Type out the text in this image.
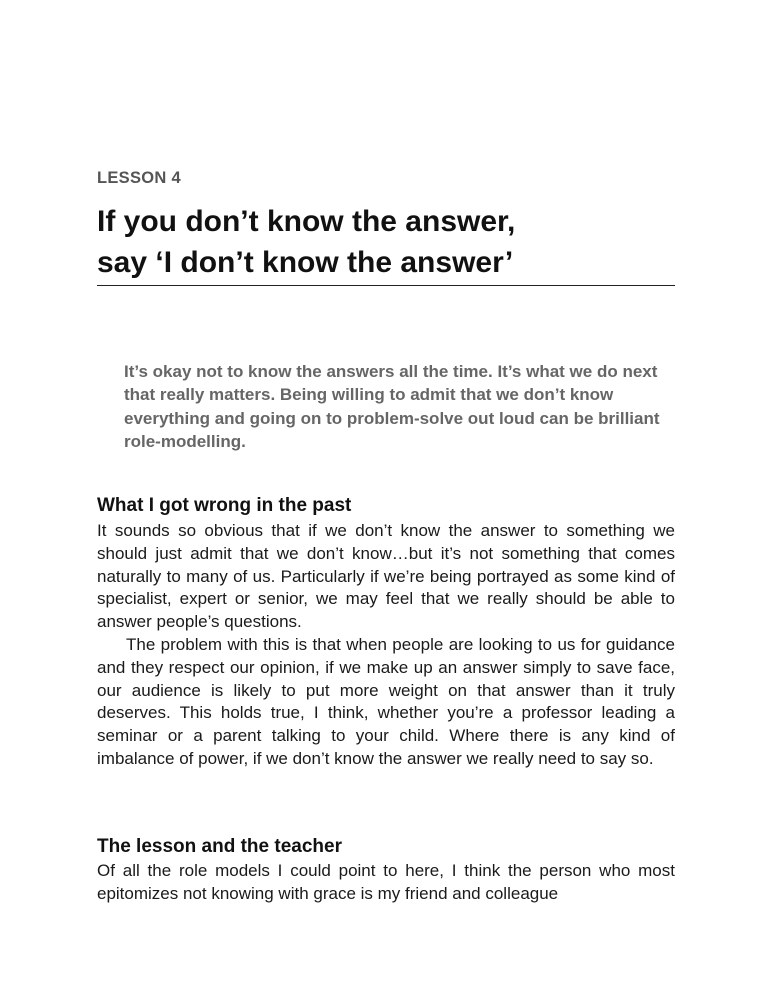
LESSON 4

If you don’t know the answer,
say ‘I don’t know the answer’

It’s okay not to know the answers all the time. It’s what we do next that really matters. Being willing to admit that we don’t know everything and going on to problem-solve out loud can be brilliant role-modelling.

What I got wrong in the past

It sounds so obvious that if we don’t know the answer to something we should just admit that we don’t know…but it’s not something that comes naturally to many of us. Particularly if we’re being portrayed as some kind of specialist, expert or senior, we may feel that we really should be able to answer people’s questions.

The problem with this is that when people are looking to us for guidance and they respect our opinion, if we make up an answer simply to save face, our audience is likely to put more weight on that answer than it truly deserves. This holds true, I think, whether you’re a professor leading a seminar or a parent talking to your child. Where there is any kind of imbalance of power, if we don’t know the answer we really need to say so.

The lesson and the teacher

Of all the role models I could point to here, I think the person who most epitomizes not knowing with grace is my friend and colleague
